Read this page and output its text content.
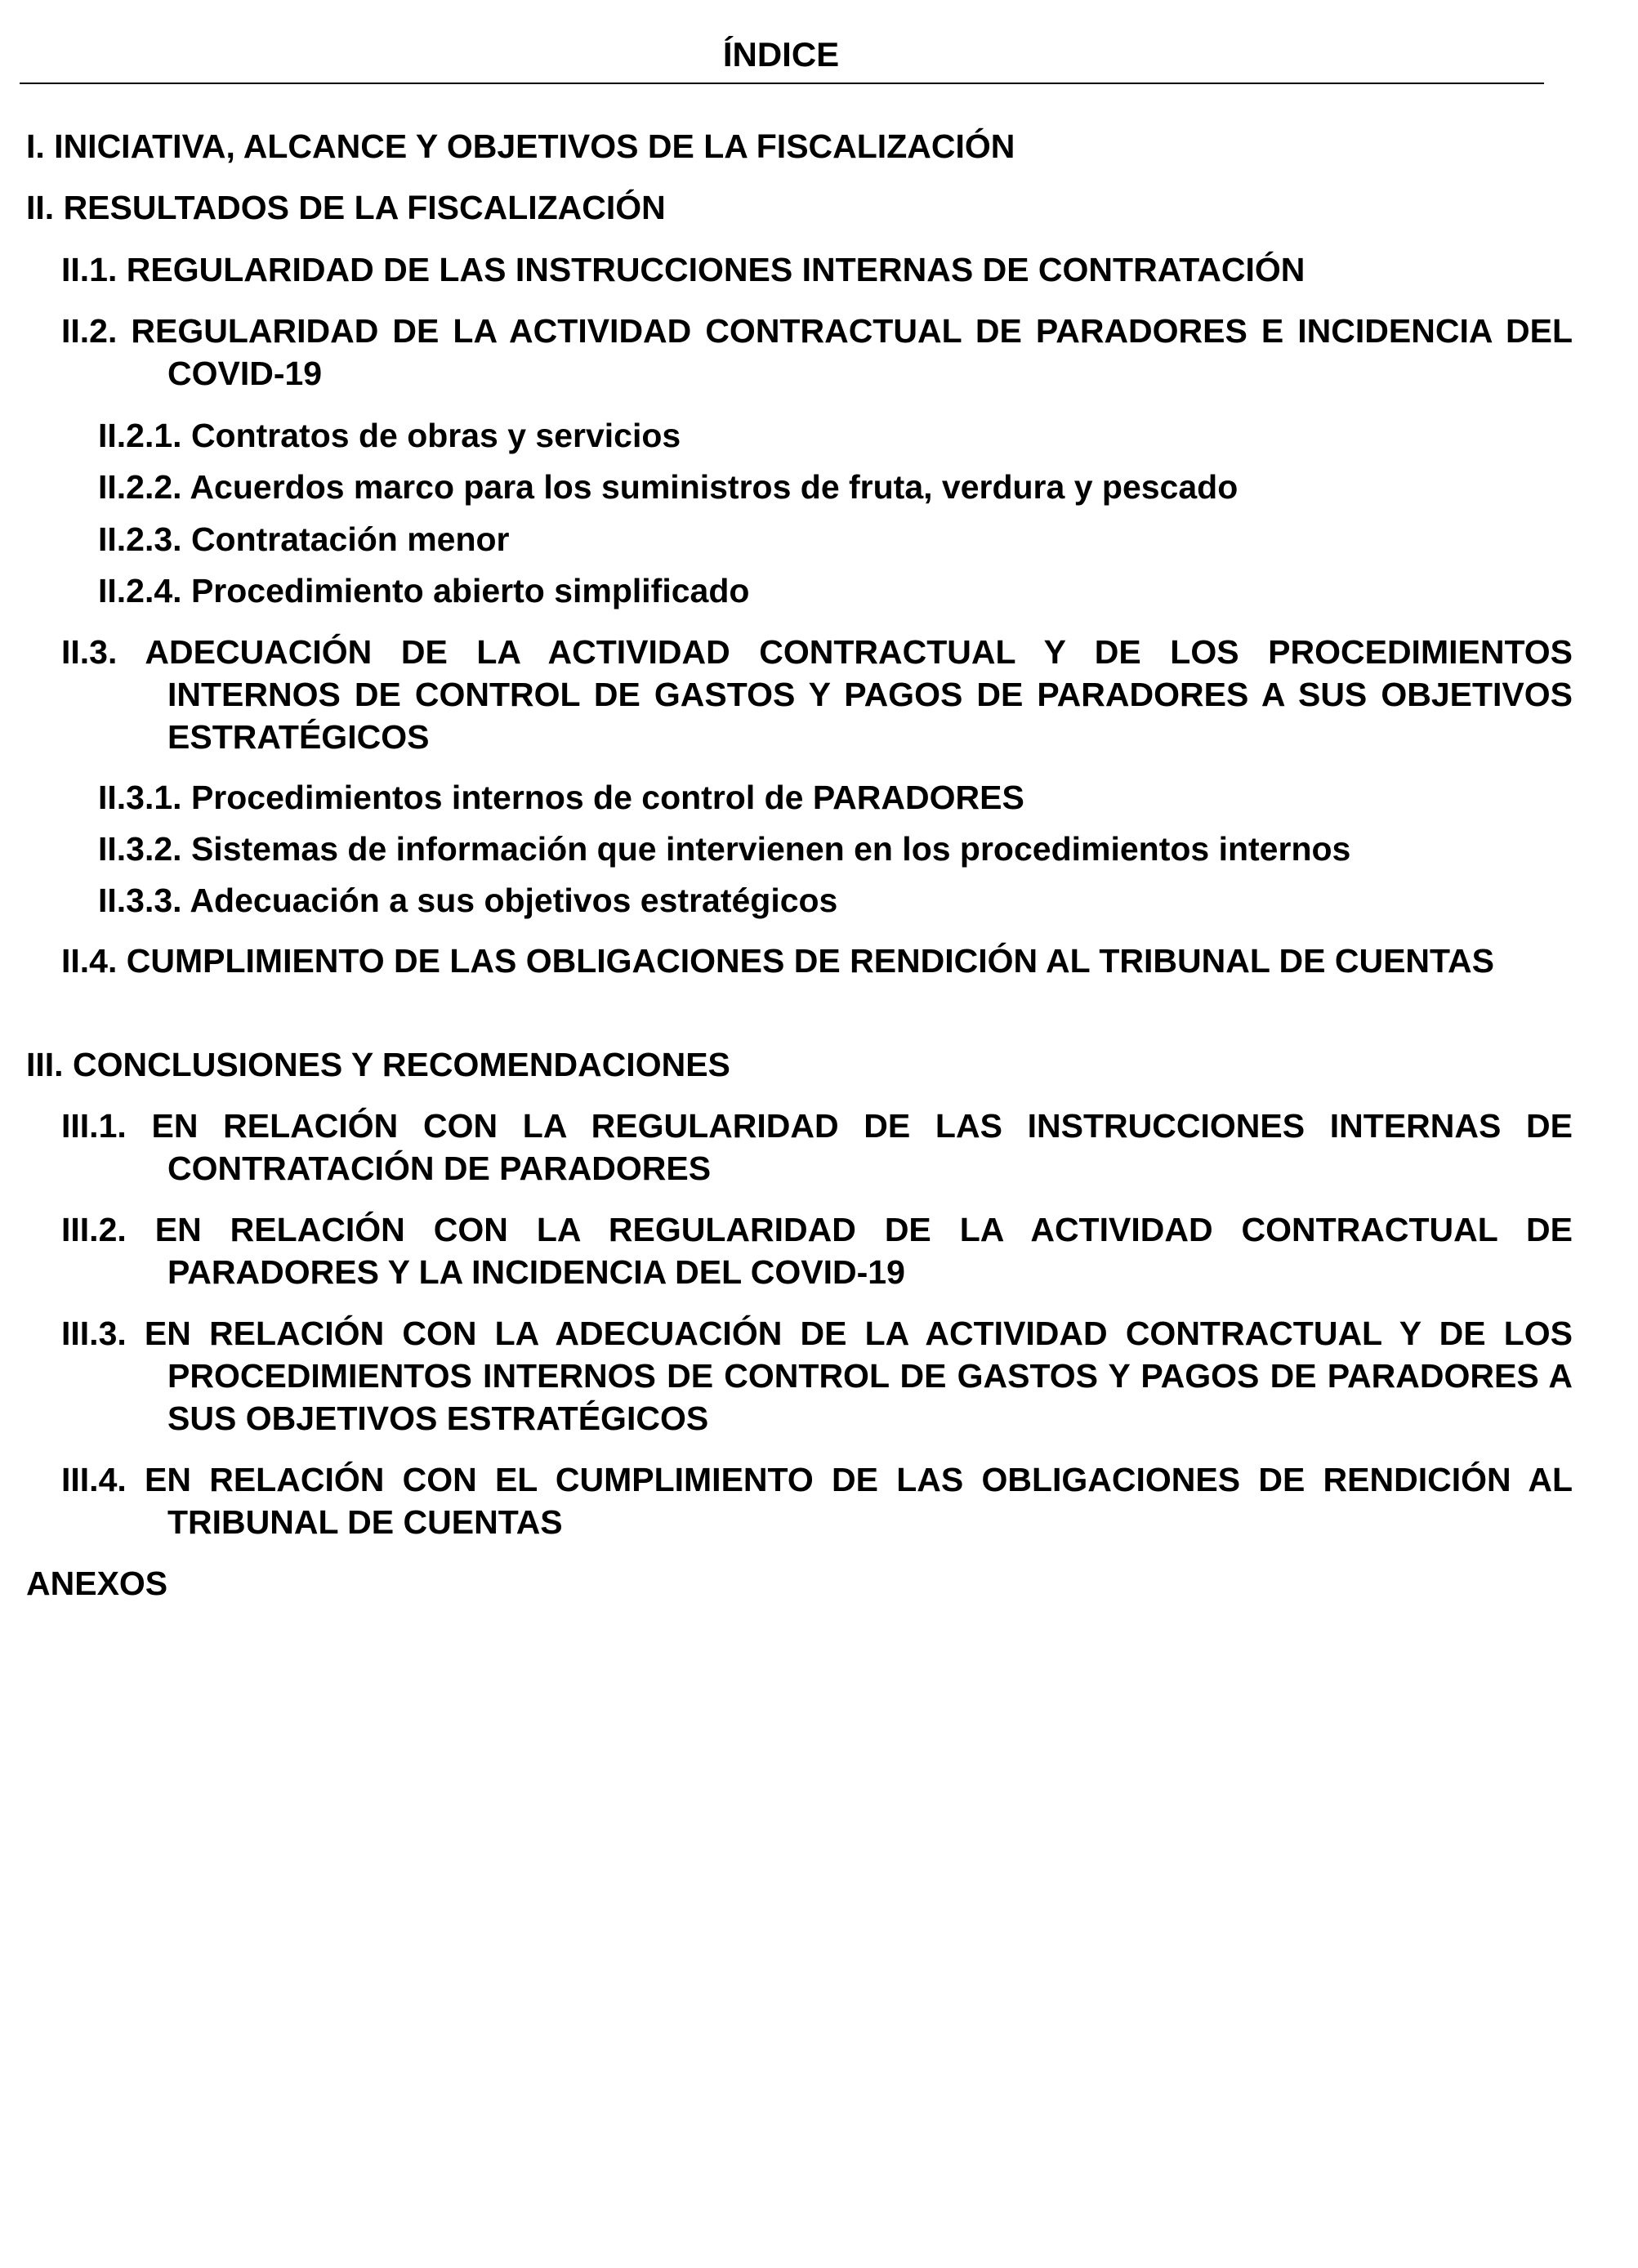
ÍNDICE
I. INICIATIVA, ALCANCE Y OBJETIVOS DE LA FISCALIZACIÓN
II. RESULTADOS DE LA FISCALIZACIÓN
II.1. REGULARIDAD DE LAS INSTRUCCIONES INTERNAS DE CONTRATACIÓN
II.2. REGULARIDAD DE LA ACTIVIDAD CONTRACTUAL DE PARADORES E INCIDENCIA DEL COVID-19
II.2.1. Contratos de obras y servicios
II.2.2. Acuerdos marco para los suministros de fruta, verdura y pescado
II.2.3. Contratación menor
II.2.4. Procedimiento abierto simplificado
II.3. ADECUACIÓN DE LA ACTIVIDAD CONTRACTUAL Y DE LOS PROCEDIMIENTOS INTERNOS DE CONTROL DE GASTOS Y PAGOS DE PARADORES A SUS OBJETIVOS ESTRATÉGICOS
II.3.1. Procedimientos internos de control de PARADORES
II.3.2. Sistemas de información que intervienen en los procedimientos internos
II.3.3. Adecuación a sus objetivos estratégicos
II.4. CUMPLIMIENTO DE LAS OBLIGACIONES DE RENDICIÓN AL TRIBUNAL DE CUENTAS
III. CONCLUSIONES Y RECOMENDACIONES
III.1. EN RELACIÓN CON LA REGULARIDAD DE LAS INSTRUCCIONES INTERNAS DE CONTRATACIÓN DE PARADORES
III.2. EN RELACIÓN CON LA REGULARIDAD DE LA ACTIVIDAD CONTRACTUAL DE PARADORES Y LA INCIDENCIA DEL COVID-19
III.3. EN RELACIÓN CON LA ADECUACIÓN DE LA ACTIVIDAD CONTRACTUAL Y DE LOS PROCEDIMIENTOS INTERNOS DE CONTROL DE GASTOS Y PAGOS DE PARADORES A SUS OBJETIVOS ESTRATÉGICOS
III.4. EN RELACIÓN CON EL CUMPLIMIENTO DE LAS OBLIGACIONES DE RENDICIÓN AL TRIBUNAL DE CUENTAS
ANEXOS
